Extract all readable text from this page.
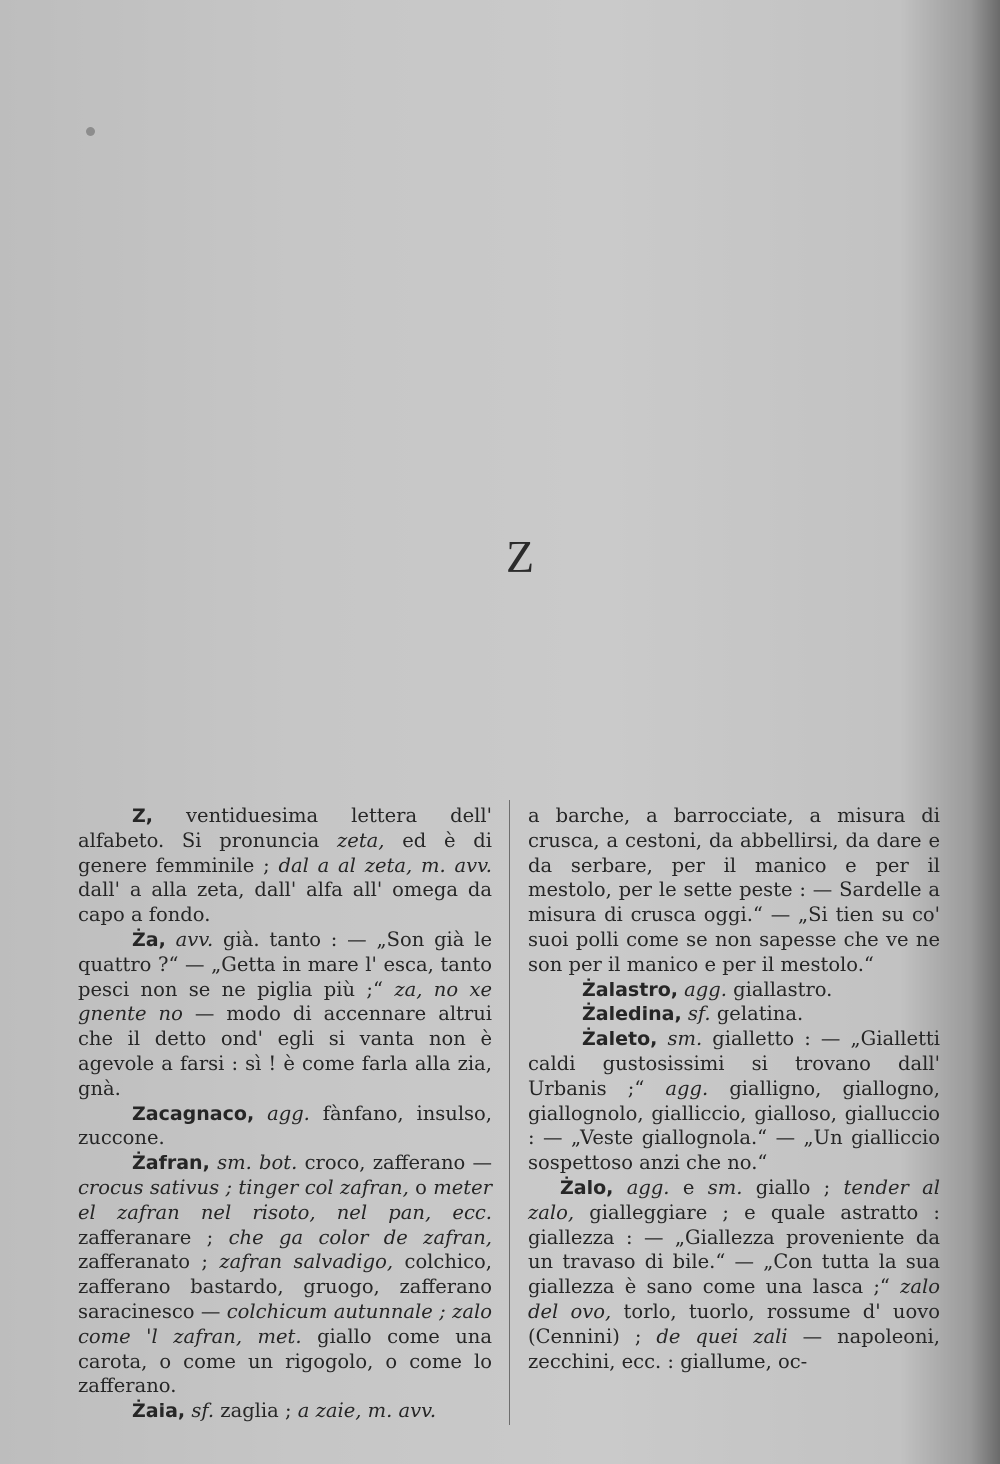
Z

Z, ventiduesima lettera dell' alfabeto. Si pronuncia zeta, ed è di genere femminile ; dal a al zeta, m. avv. dall' a alla zeta, dall' alfa all' omega da capo a fondo.

Ża, avv. già. tanto : — „Son già le quattro ?“ — „Getta in mare l' esca, tanto pesci non se ne piglia più ;“ za, no xe gnente no — modo di accennare altrui che il detto ond' egli si vanta non è agevole a farsi : sì ! è come farla alla zia, gnà.

Zacagnaco, agg. fànfano, insulso, zuccone.

Żafran, sm. bot. croco, zafferano — crocus sativus ; tinger col zafran, o meter el zafran nel risoto, nel pan, ecc. zafferanare ; che ga color de zafran, zafferanato ; zafran salvadigo, colchico, zafferano bastardo, gruogo, zafferano saracinesco — colchicum autunnale ; zalo come 'l zafran, met. giallo come una carota, o come un rigogolo, o come lo zafferano.

Żaia, sf. zaglia ; a zaie, m. avv.

a barche, a barrocciate, a misura di crusca, a cestoni, da abbellirsi, da dare e da serbare, per il manico e per il mestolo, per le sette peste : — Sardelle a misura di crusca oggi.“ — „Si tien su co' suoi polli come se non sapesse che ve ne son per il manico e per il mestolo.“

Żalastro, agg. giallastro.

Żaledina, sf. gelatina.

Żaleto, sm. gialletto : — „Gialletti caldi gustosissimi si trovano dall' Urbanis ;“ agg. gialligno, giallogno, giallognolo, gialliccio, gialloso, gialluccio : — „Veste giallognola.“ — „Un gialliccio sospettoso anzi che no.“

Żalo, agg. e sm. giallo ; tender al zalo, gialleggiare ; e quale astratto : giallezza : — „Giallezza proveniente da un travaso di bile.“ — „Con tutta la sua giallezza è sano come una lasca ;“ zalo del ovo, torlo, tuorlo, rossume d' uovo (Cennini) ; de quei zali — napoleoni, zecchini, ecc. : giallume, oc-
